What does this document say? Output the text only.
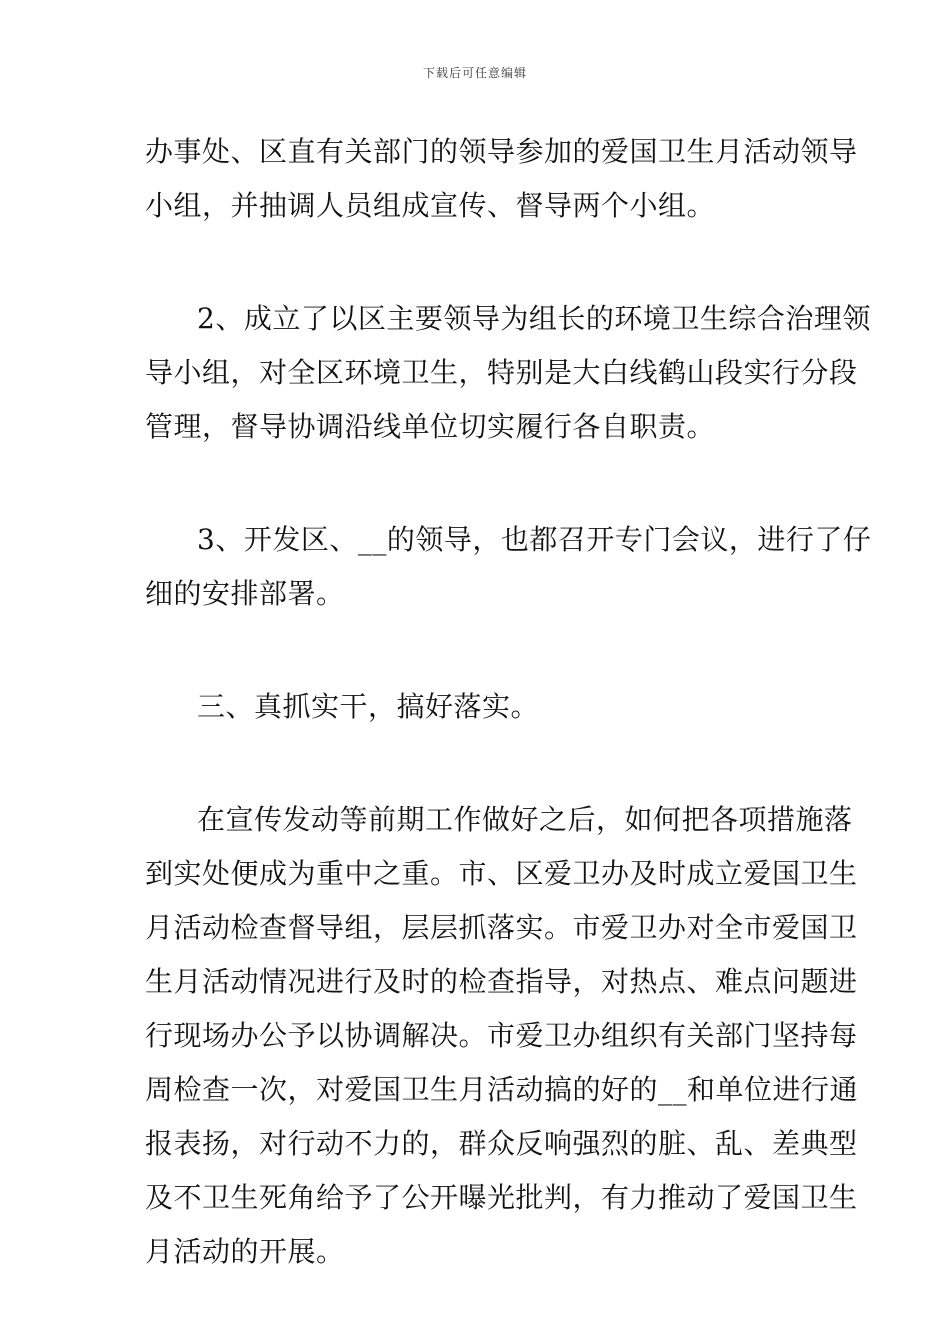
下载后可任意编辑
办事处、区直有关部门的领导参加的爱国卫生月活动领导
小组，并抽调人员组成宣传、督导两个小组。
2、成立了以区主要领导为组长的环境卫生综合治理领
导小组，对全区环境卫生，特别是大白线鹤山段实行分段
管理，督导协调沿线单位切实履行各自职责。
3、开发区、__的领导，也都召开专门会议，进行了仔
细的安排部署。
三、真抓实干，搞好落实。
在宣传发动等前期工作做好之后，如何把各项措施落
到实处便成为重中之重。市、区爱卫办及时成立爱国卫生
月活动检查督导组，层层抓落实。市爱卫办对全市爱国卫
生月活动情况进行及时的检查指导，对热点、难点问题进
行现场办公予以协调解决。市爱卫办组织有关部门坚持每
周检查一次，对爱国卫生月活动搞的好的__和单位进行通
报表扬，对行动不力的，群众反响强烈的脏、乱、差典型
及不卫生死角给予了公开曝光批判，有力推动了爱国卫生
月活动的开展。
